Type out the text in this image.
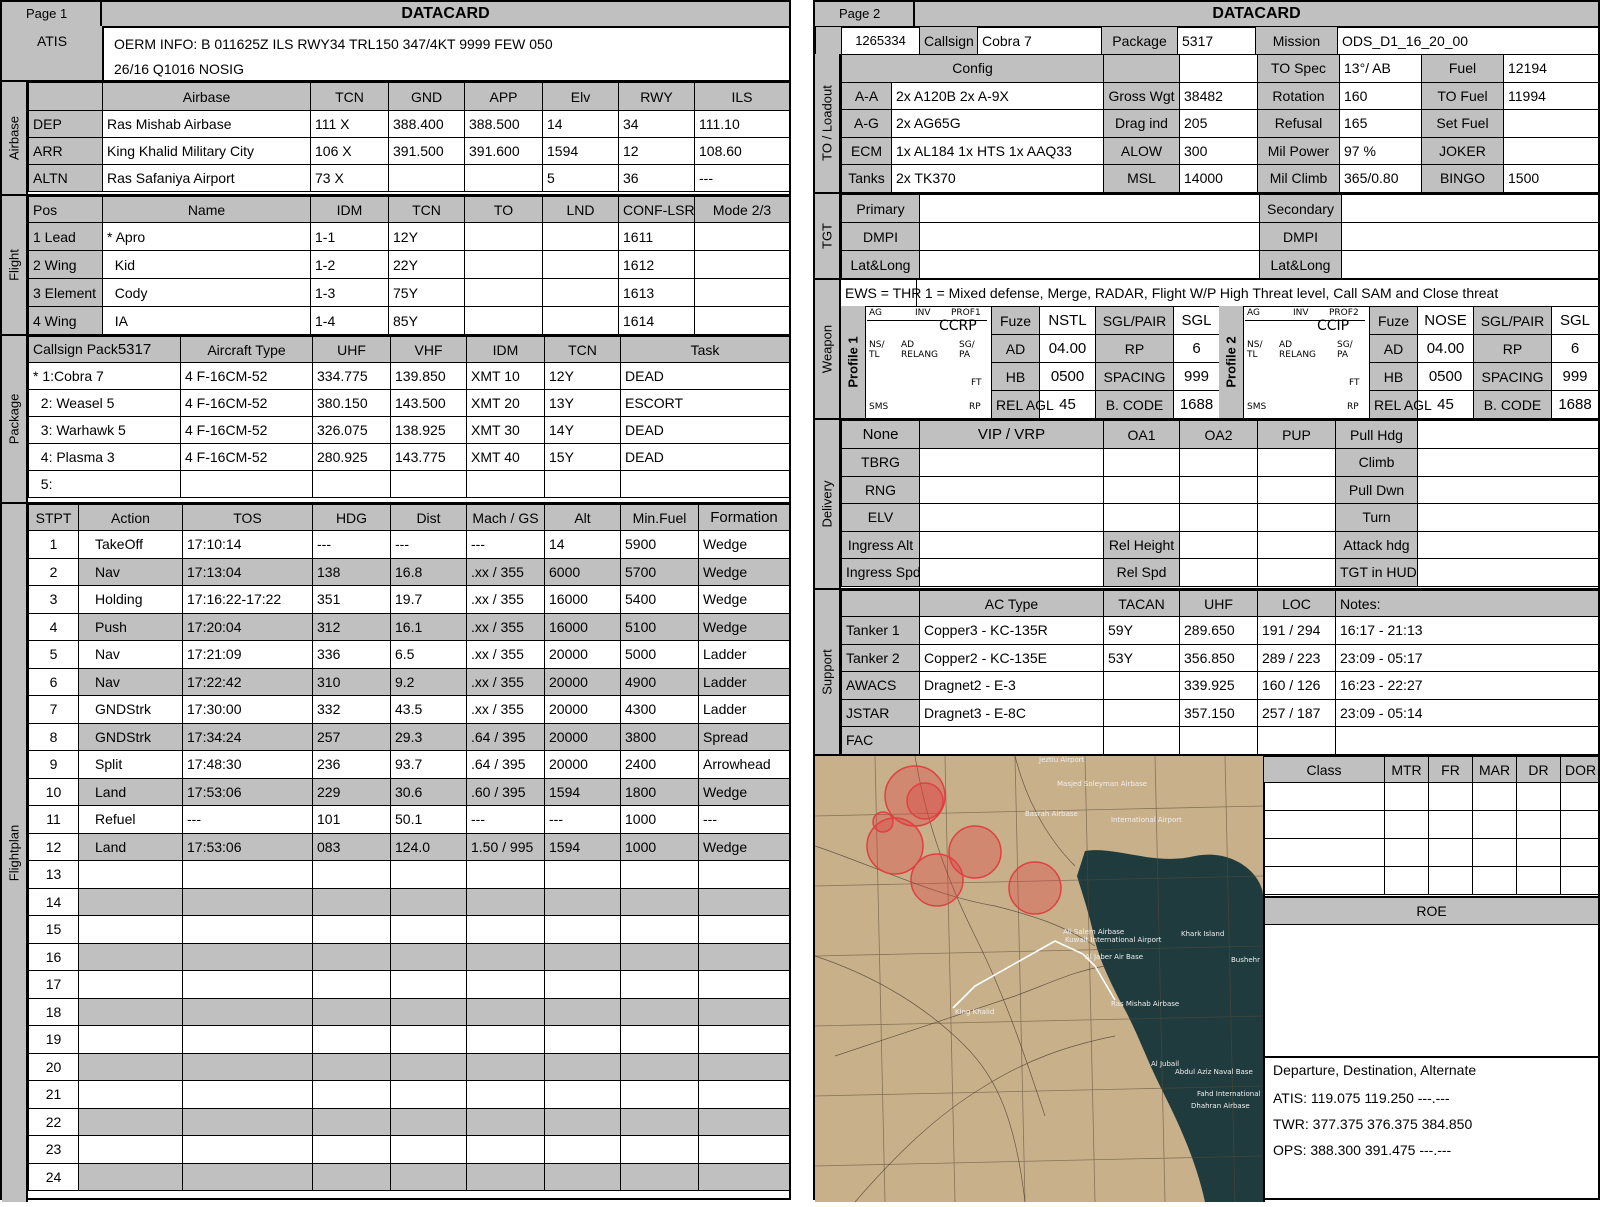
Page 1	DATACARD
ATIS	OERM INFO: B 011625Z ILS RWY34 TRL150 347/4KT 9999 FEW 050
26/16 Q1016 NOSIG
Airbase
	Airbase	TCN	GND	APP	Elv	RWY	ILS
DEP	Ras Mishab Airbase	111 X	388.400	388.500	14	34	111.10
ARR	King Khalid Military City	106 X	391.500	391.600	1594	12	108.60
ALTN	Ras Safaniya Airport	73 X			5	36	---
Flight
Pos	Name	IDM	TCN	TO	LND	CONF-LSR	Mode 2/3
1 Lead	* Apro	1-1	12Y			1611	
2 Wing	Kid	1-2	22Y			1612	
3 Element	Cody	1-3	75Y			1613	
4 Wing	IA	1-4	85Y			1614	
Package
Callsign Pack5317	Aircraft Type	UHF	VHF	IDM	TCN	Task
* 1:Cobra 7	4 F-16CM-52	334.775	139.850	XMT 10	12Y	DEAD
2: Weasel 5	4 F-16CM-52	380.150	143.500	XMT 20	13Y	ESCORT
3: Warhawk 5	4 F-16CM-52	326.075	138.925	XMT 30	14Y	DEAD
4: Plasma 3	4 F-16CM-52	280.925	143.775	XMT 40	15Y	DEAD
5:						
Flightplan
STPT	Action	TOS	HDG	Dist	Mach / GS	Alt	Min.Fuel	Formation
1	TakeOff	17:10:14	---	---	---	14	5900	Wedge
2	Nav	17:13:04	138	16.8	.xx / 355	6000	5700	Wedge
3	Holding	17:16:22-17:22	351	19.7	.xx / 355	16000	5400	Wedge
4	Push	17:20:04	312	16.1	.xx / 355	16000	5100	Wedge
5	Nav	17:21:09	336	6.5	.xx / 355	20000	5000	Ladder
6	Nav	17:22:42	310	9.2	.xx / 355	20000	4900	Ladder
7	GNDStrk	17:30:00	332	43.5	.xx / 355	20000	4300	Ladder
8	GNDStrk	17:34:24	257	29.3	.64 / 395	20000	3800	Spread
9	Split	17:48:30	236	93.7	.64 / 395	20000	2400	Arrowhead
10	Land	17:53:06	229	30.6	.60 / 395	1594	1800	Wedge
11	Refuel	---	101	50.1	---	---	1000	---
12	Land	17:53:06	083	124.0	1.50 / 995	1594	1000	Wedge
13								
14								
15								
16								
17								
18								
19								
20								
21								
22								
23								
24								
Page 2	DATACARD
	1265334	Callsign	Cobra 7	Package	5317	Mission	ODS_D1_16_20_00
TO / Loadout
Config				TO Spec	13°/ AB	Fuel	12194
A-A	2x A120B 2x A-9X	Gross Wgt	38482	Rotation	160	TO Fuel	11994
A-G	2x AG65G	Drag ind	205	Refusal	165	Set Fuel	
ECM	1x AL184 1x HTS 1x AAQ33	ALOW	300	Mil Power	97 %	JOKER	
Tanks	2x TK370	MSL	14000	Mil Climb	365/0.80	BINGO	1500
TGT
Primary		Secondary	
DMPI		DMPI	
Lat&Long		Lat&Long	
Weapon
EWS = THR 1 = Mixed defense, Merge, RADAR, Flight W/P High Threat level, Call SAM and Close threat
Profile 1
AG	INV PROF1
CCRP
NS/
TL
AD
RELANG
SG/
PA
FT
SMS	RP
Fuze	NSTL	SGL/PAIR	SGL
AD	04.00	RP	6
HB	0500	SPACING	999
REL AGL	45	B. CODE	1688
Profile 2
AG	INV PROF2
CCIP
NS/
TL
AD
RELANG
SG/
PA
FT
SMS	RP
Fuze	NOSE	SGL/PAIR	SGL
AD	04.00	RP	6
HB	0500	SPACING	999
REL AGL	45	B. CODE	1688
Delivery
None	VIP / VRP	OA1	OA2	PUP	Pull Hdg	
TBRG					Climb	
RNG					Pull Dwn	
ELV					Turn	
Ingress Alt		Rel Height			Attack hdg	
Ingress Spd		Rel Spd			TGT in HUD	
Support
	AC Type	TACAN	UHF	LOC	Notes:
Tanker 1	Copper3 - KC-135R	59Y	289.650	191 / 294	16:17 - 21:13
Tanker 2	Copper2 - KC-135E	53Y	356.850	289 / 223	23:09 - 05:17
AWACS	Dragnet2 - E-3		339.925	160 / 126	16:23 - 22:27
JSTAR	Dragnet3 - E-8C		357.150	257 / 187	23:09 - 05:14
FAC					
Jeztiu Airport
Masjed Soleyman Airbase
Basrah Airbase
International Airport
Kuwait International Airport
Ali Salem Airbase
Al Jaber Air Base
Ras Mishab Airbase
King Khalid
Khark Island
Bushehr
Al Jubail
Abdul Aziz Naval Base
Fahd International
Dhahran Airbase
Class	MTR	FR	MAR	DR	DOR

ROE
Departure, Destination, Alternate
ATIS: 119.075 119.250 ---.---
TWR: 377.375 376.375 384.850
OPS: 388.300 391.475 ---.---
